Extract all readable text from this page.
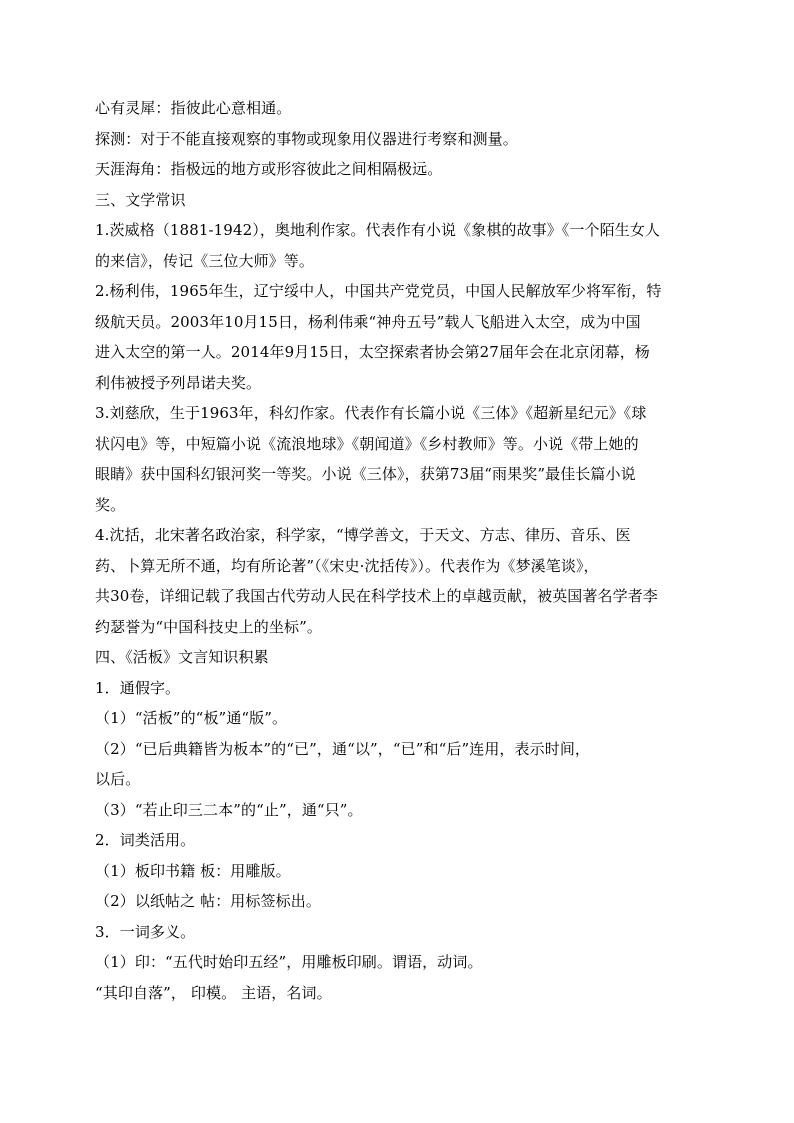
心有灵犀：指彼此心意相通。
探测：对于不能直接观察的事物或现象用仪器进行考察和测量。
天涯海角：指极远的地方或形容彼此之间相隔极远。
三、文学常识
1.茨威格（1881-1942），奥地利作家。代表作有小说《象棋的故事》《一个陌生女人
的来信》，传记《三位大师》等。
2.杨利伟，1965年生，辽宁绥中人，中国共产党党员，中国人民解放军少将军衔，特
级航天员。2003年10月15日，杨利伟乘“神舟五号”载人飞船进入太空，成为中国
进入太空的第一人。2014年9月15日，太空探索者协会第27届年会在北京闭幕，杨
利伟被授予列昂诺夫奖。
3.刘慈欣，生于1963年，科幻作家。代表作有长篇小说《三体》《超新星纪元》《球
状闪电》等，中短篇小说《流浪地球》《朝闻道》《乡村教师》等。小说《带上她的
眼睛》获中国科幻银河奖一等奖。小说《三体》，获第73届“雨果奖”最佳长篇小说
奖。
4.沈括，北宋著名政治家，科学家，“博学善文，于天文、方志、律历、音乐、医
药、卜算无所不通，均有所论著”（《宋史·沈括传》）。代表作为《梦溪笔谈》，
共30卷，详细记载了我国古代劳动人民在科学技术上的卓越贡献，被英国著名学者李
约瑟誉为“中国科技史上的坐标”。
四、《活板》文言知识积累
1．通假字。
（1）“活板”的“板”通“版”。
（2）“已后典籍皆为板本”的“已”，通“以”，“已”和“后”连用，表示时间，
以后。
（3）“若止印三二本”的“止”，通“只”。
2．词类活用。
（1）板印书籍 板：用雕版。
（2）以纸帖之 帖：用标签标出。
3．一词多义。
（1）印：“五代时始印五经”，用雕板印刷。谓语，动词。
“其印自落”， 印模。 主语，名词。
